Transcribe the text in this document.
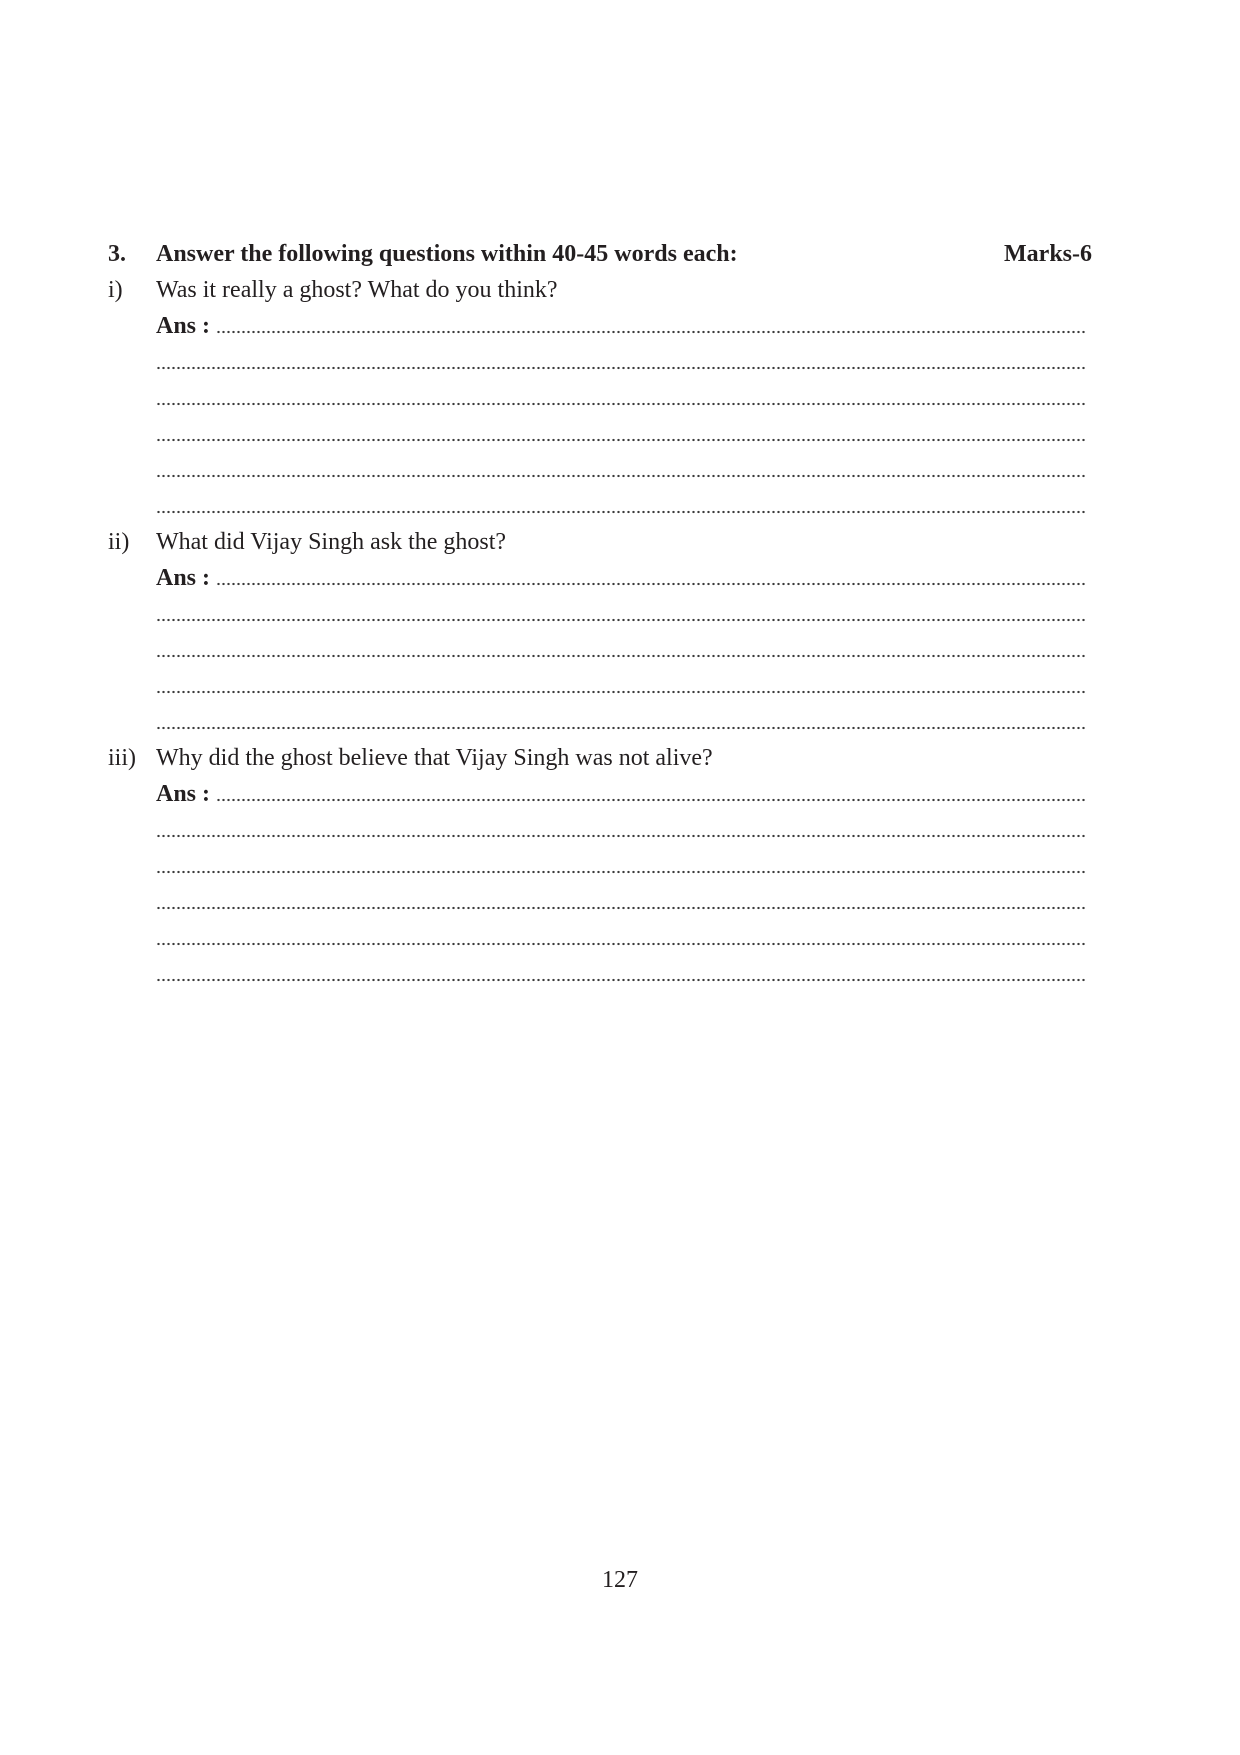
3. Answer the following questions within 40-45 words each:	Marks-6
i) Was it really a ghost? What do you think?
Ans :
ii) What did Vijay Singh ask the ghost?
Ans :
iii) Why did the ghost believe that Vijay Singh was not alive?
Ans :
127
